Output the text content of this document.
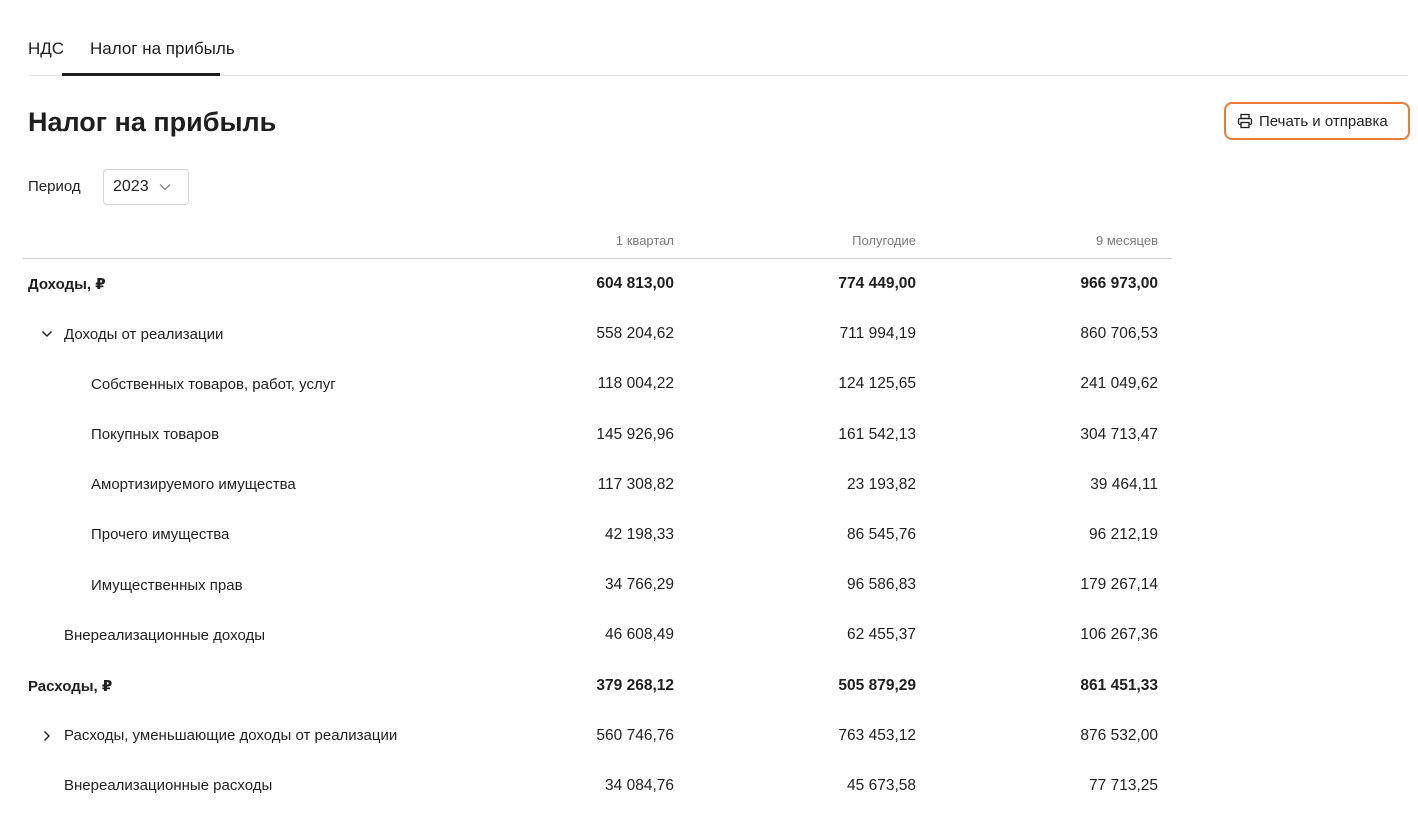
НДС Налог на прибыль
Налог на прибыль	Печать и отправка
Период 2023
1 квартал	Полугодие	9 месяцев
Доходы, ₽	604 813,00	774 449,00	966 973,00
Доходы от реализации	558 204,62	711 994,19	860 706,53
Собственных товаров, работ, услуг	118 004,22	124 125,65	241 049,62
Покупных товаров	145 926,96	161 542,13	304 713,47
Амортизируемого имущества	117 308,82	23 193,82	39 464,11
Прочего имущества	42 198,33	86 545,76	96 212,19
Имущественных прав	34 766,29	96 586,83	179 267,14
Внереализационные доходы	46 608,49	62 455,37	106 267,36
Расходы, ₽	379 268,12	505 879,29	861 451,33
Расходы, уменьшающие доходы от реализации	560 746,76	763 453,12	876 532,00
Внереализационные расходы	34 084,76	45 673,58	77 713,25
